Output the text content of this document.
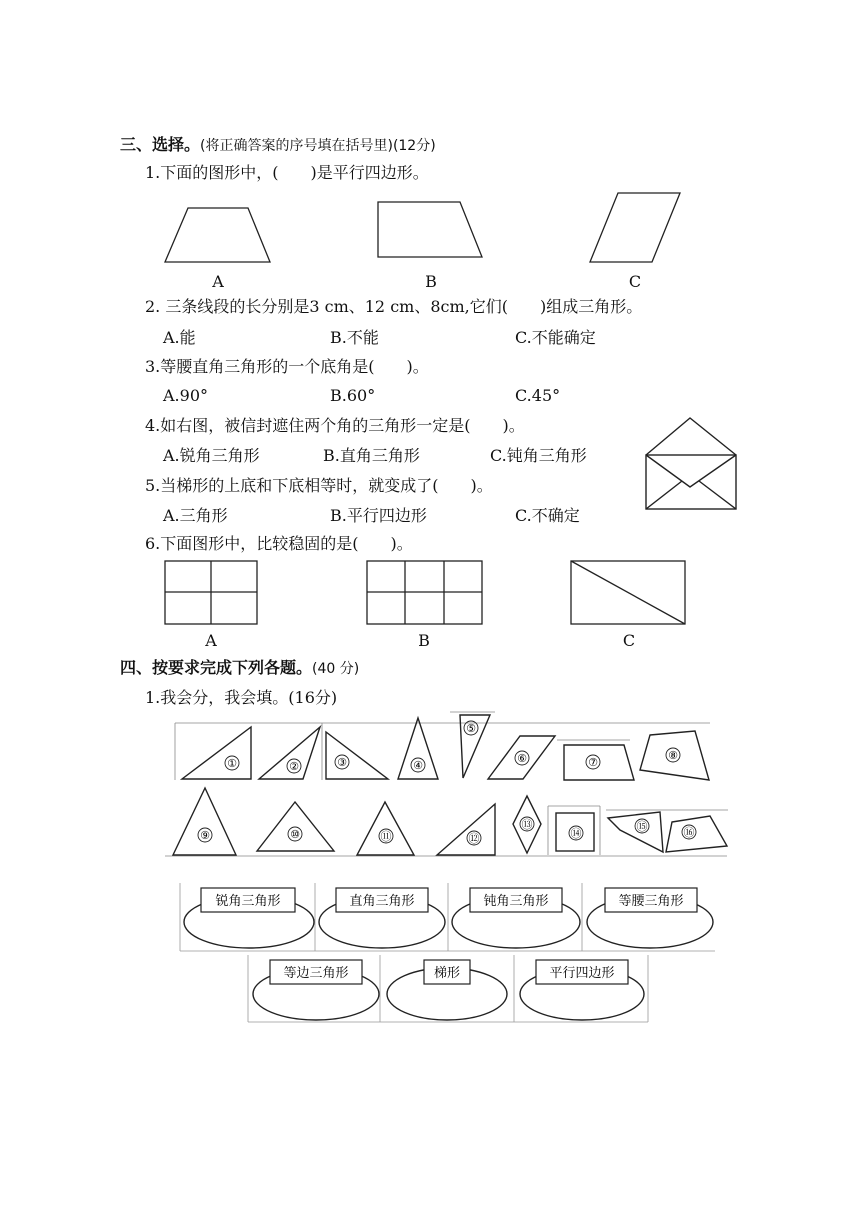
三、选择。(将正确答案的序号填在括号里)(12分)
1.下面的图形中，(　　)是平行四边形。
A	B	C
2. 三条线段的长分别是3 cm、12 cm、8cm,它们(　　)组成三角形。
A.能	B.不能	C.不能确定
3.等腰直角三角形的一个底角是(　　)。
A.90°	B.60°	C.45°
4.如右图，被信封遮住两个角的三角形一定是(　　)。
A.锐角三角形	B.直角三角形	C.钝角三角形
5.当梯形的上底和下底相等时，就变成了(　　)。
A.三角形	B.平行四边形	C.不确定
6.下面图形中，比较稳固的是(　　)。
A	B	C
四、按要求完成下列各题。(40 分)
1.我会分，我会填。(16分)
①	②	③	④
⑤
⑥	⑦
⑧
⑨	⑩	⑪	⑫
⑬
⑭
⑮	⑯
锐角三角形	直角三角形	钝角三角形	等腰三角形
等边三角形	梯形	平行四边形
